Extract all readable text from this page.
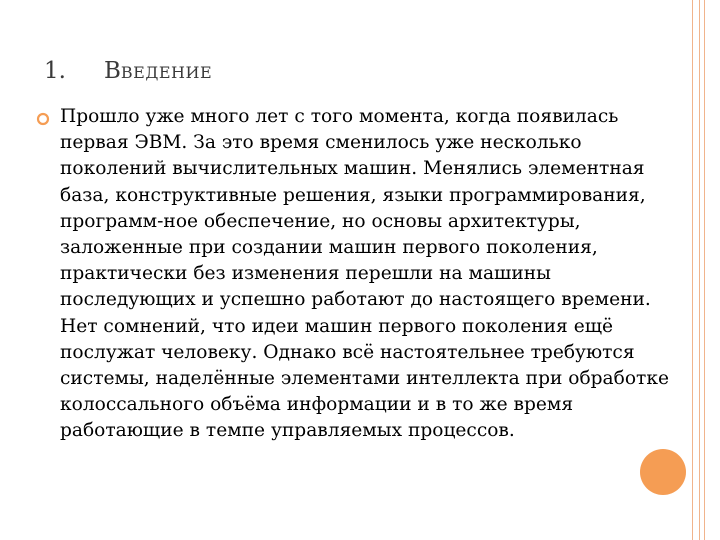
1. ВВЕДЕНИЕ
Прошло уже много лет с того момента, когда появилась первая ЭВМ. За это время сменилось уже несколько поколений вычислительных машин. Менялись элементная база, конструктивные решения, языки программирования, программ-ное обеспечение, но основы архитектуры, заложенные при создании машин первого поколения, практически без изменения перешли на машины последующих и успешно работают до настоящего времени. Нет сомнений, что идеи машин первого поколения ещё послужат человеку. Однако всё настоятельнее требуются системы, наделённые элементами интеллекта при обработке колоссального объёма информации и в то же время работающие в темпе управляемых процессов.
